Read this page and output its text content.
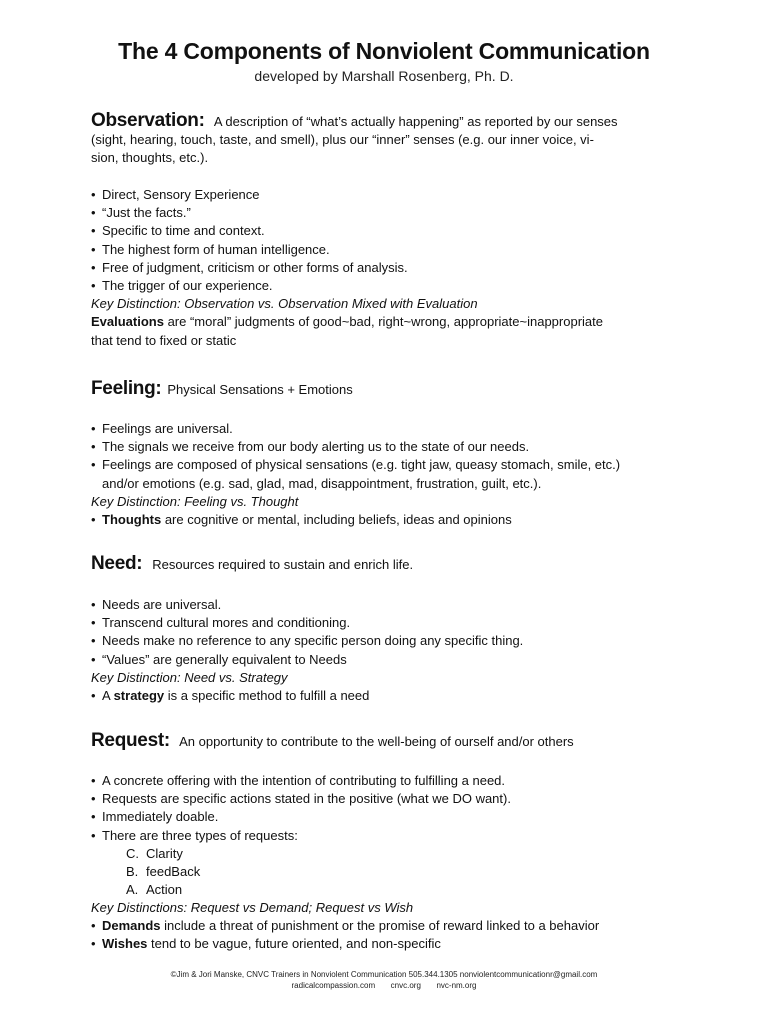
The 4 Components of Nonviolent Communication

developed by Marshall Rosenberg, Ph. D.

Observation: A description of “what’s actually happening” as reported by our senses
(sight, hearing, touch, taste, and smell), plus our “inner” senses (e.g. our inner voice, vi-
sion, thoughts, etc.).

• Direct, Sensory Experience
• “Just the facts.”
• Specific to time and context.
• The highest form of human intelligence.
• Free of judgment, criticism or other forms of analysis.
• The trigger of our experience.

Key Distinction: Observation vs. Observation Mixed with Evaluation

Evaluations are “moral” judgments of good~bad, right~wrong, appropriate~inappropriate
that tend to fixed or static

Feeling: Physical Sensations + Emotions

• Feelings are universal.
• The signals we receive from our body alerting us to the state of our needs.
• Feelings are composed of physical sensations (e.g. tight jaw, queasy stomach, smile, etc.)
and/or emotions (e.g. sad, glad, mad, disappointment, frustration, guilt, etc.).

Key Distinction: Feeling vs. Thought

• Thoughts are cognitive or mental, including beliefs, ideas and opinions

Need: Resources required to sustain and enrich life.

• Needs are universal.
• Transcend cultural mores and conditioning.
• Needs make no reference to any specific person doing any specific thing.
• “Values” are generally equivalent to Needs

Key Distinction: Need vs. Strategy

• A strategy is a specific method to fulfill a need

Request: An opportunity to contribute to the well-being of ourself and/or others

• A concrete offering with the intention of contributing to fulfilling a need.
• Requests are specific actions stated in the positive (what we DO want).
• Immediately doable.
• There are three types of requests:
C. Clarity
B. feedBack
A. Action

Key Distinctions: Request vs Demand; Request vs Wish

• Demands include a threat of punishment or the promise of reward linked to a behavior

• Wishes tend to be vague, future oriented, and non-specific

©Jim & Jori Manske, CNVC Trainers in Nonviolent Communication 505.344.1305 nonviolentcommunicationr@gmail.com
radicalcompassion.com       cnvc.org       nvc-nm.org
